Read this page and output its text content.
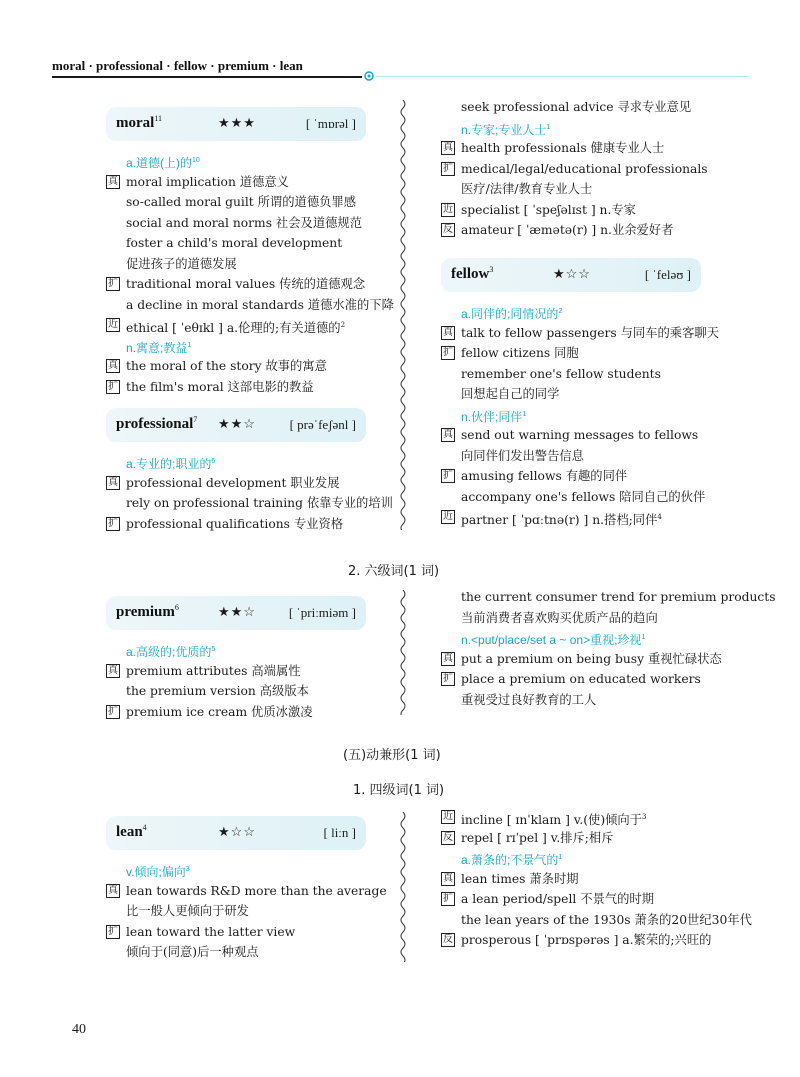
moral · professional · fellow · premium · lean
moral$^{11}$	★★★	[ ˈmɒrəl ]
a.道德(上)的$^{10}$
真 moral implication 道德意义
so-called moral guilt 所谓的道德负罪感
social and moral norms 社会及道德规范
foster a child's moral development
促进孩子的道德发展
扩 traditional moral values 传统的道德观念
a decline in moral standards 道德水准的下降
近 ethical [ ˈeθɪkl ] a.伦理的;有关道德的$^2$
n.寓意;教益$^1$
真 the moral of the story 故事的寓意
扩 the film's moral 这部电影的教益
professional$^7$ ★★☆	[ prəˈfeʃənl ]
a.专业的;职业的$^6$
真 professional development 职业发展
rely on professional training 依靠专业的培训
扩 professional qualifications 专业资格
seek professional advice 寻求专业意见
n.专家;专业人士$^1$
真 health professionals 健康专业人士
扩 medical/legal/educational professionals
医疗/法律/教育专业人士
近 specialist [ ˈspeʃəlɪst ] n.专家
反 amateur [ ˈæmətə(r) ] n.业余爱好者
fellow$^3$	★☆☆	[ ˈfeləʊ ]
a.同伴的;同情况的$^2$
真 talk to fellow passengers 与同车的乘客聊天
扩 fellow citizens 同胞
remember one's fellow students
回想起自己的同学
n.伙伴;同伴$^1$
真 send out warning messages to fellows
向同伴们发出警告信息
扩 amusing fellows 有趣的同伴
accompany one's fellows 陪同自己的伙伴
近 partner [ ˈpɑːtnə(r) ] n.搭档;同伴$^4$
2. 六级词(1 词)
premium$^6$	★★☆	[ ˈpriːmiəm ]
a.高级的;优质的$^5$
真 premium attributes 高端属性
the premium version 高级版本
扩 premium ice cream 优质冰激凌
the current consumer trend for premium products
当前消费者喜欢购买优质产品的趋向
n.<put/place/set a ~ on>重视;珍视$^1$
真 put a premium on being busy 重视忙碌状态
扩 place a premium on educated workers
重视受过良好教育的工人
(五)动兼形(1 词)
1. 四级词(1 词)
lean$^4$	★☆☆	[ liːn ]
v.倾向;偏向$^3$
真 lean towards R&D more than the average
比一般人更倾向于研发
扩 lean toward the latter view
倾向于(同意)后一种观点
近 incline [ ɪnˈklaɪn ] v.(使)倾向于$^3$
反 repel [ rɪˈpel ] v.排斥;相斥
a.萧条的;不景气的$^1$
真 lean times 萧条时期
扩 a lean period/spell 不景气的时期
the lean years of the 1930s 萧条的20世纪30年代
反 prosperous [ ˈprɒspərəs ] a.繁荣的;兴旺的
40
